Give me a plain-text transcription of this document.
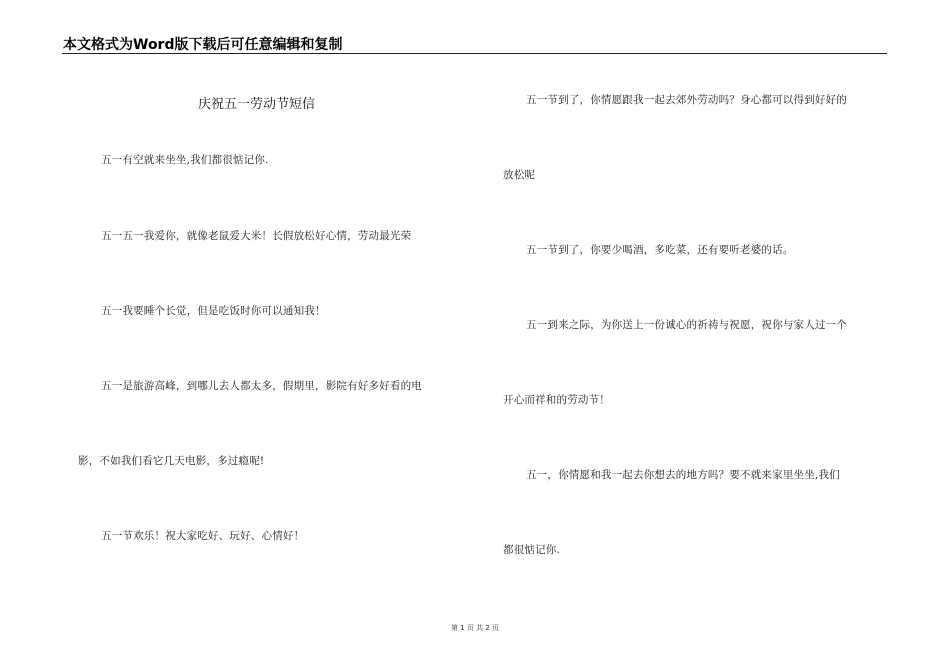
本文格式为Word版下载后可任意编辑和复制
庆祝五一劳动节短信
五一有空就来坐坐,我们都很惦记你.
五一五一我爱你，就像老鼠爱大米！长假放松好心情，劳动最光荣
五一我要睡个长觉，但是吃饭时你可以通知我！
五一是旅游高峰，到哪儿去人都太多，假期里，影院有好多好看的电
影，不如我们看它几天电影，多过瘾呢!
五一节欢乐！祝大家吃好、玩好、心情好！
五一节到了，你情愿跟我一起去郊外劳动吗？身心都可以得到好好的
放松呢
五一节到了，你要少喝酒，多吃菜，还有要听老婆的话。
五一到来之际，为你送上一份诚心的祈祷与祝愿，祝你与家人过一个
开心而祥和的劳动节！
五一，你情愿和我一起去你想去的地方吗？要不就来家里坐坐,我们
都很惦记你.
第 1 页 共 2 页
